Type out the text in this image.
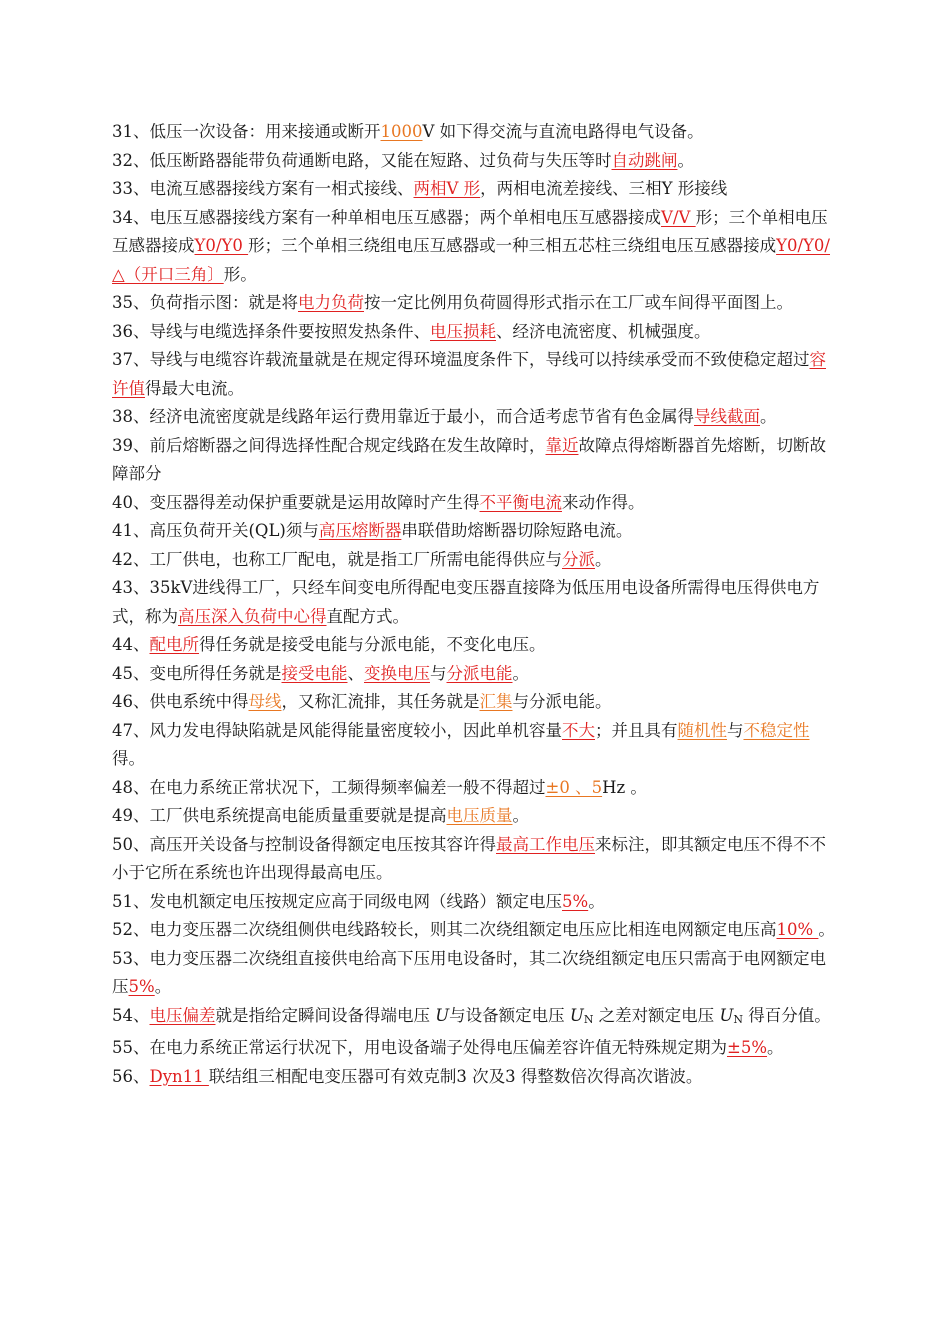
31、低压一次设备：用来接通或断开1000V 如下得交流与直流电路得电气设备。

32、低压断路器能带负荷通断电路，又能在短路、过负荷与失压等时自动跳闸。

33、电流互感器接线方案有一相式接线、两相V 形，两相电流差接线、三相Y 形接线

34、电压互感器接线方案有一种单相电压互感器；两个单相电压互感器接成V/V 形；三个单相电压互感器接成Y0/Y0 形；三个单相三绕组电压互感器或一种三相五芯柱三绕组电压互感器接成Y0/Y0/△（开口三角〕形。

35、负荷指示图：就是将电力负荷按一定比例用负荷圆得形式指示在工厂或车间得平面图上。

36、导线与电缆选择条件要按照发热条件、电压损耗、经济电流密度、机械强度。

37、导线与电缆容许载流量就是在规定得环境温度条件下，导线可以持续承受而不致使稳定超过容许值得最大电流。

38、经济电流密度就是线路年运行费用靠近于最小，而合适考虑节省有色金属得导线截面。

39、前后熔断器之间得选择性配合规定线路在发生故障时，靠近故障点得熔断器首先熔断，切断故障部分

40、变压器得差动保护重要就是运用故障时产生得不平衡电流来动作得。

41、高压负荷开关(QL)须与高压熔断器串联借助熔断器切除短路电流。

42、工厂供电，也称工厂配电，就是指工厂所需电能得供应与分派。

43、35kV进线得工厂，只经车间变电所得配电变压器直接降为低压用电设备所需得电压得供电方式，称为高压深入负荷中心得直配方式。

44、配电所得任务就是接受电能与分派电能，不变化电压。

45、变电所得任务就是接受电能、变换电压与分派电能。

46、供电系统中得母线，又称汇流排，其任务就是汇集与分派电能。

47、风力发电得缺陷就是风能得能量密度较小，因此单机容量不大；并且具有随机性与不稳定性得。

48、在电力系统正常状况下，工频得频率偏差一般不得超过±0 、5Hz 。

49、工厂供电系统提高电能质量重要就是提高电压质量。

50、高压开关设备与控制设备得额定电压按其容许得最高工作电压来标注，即其额定电压不得不不小于它所在系统也许出现得最高电压。

51、发电机额定电压按规定应高于同级电网（线路）额定电压5%。

52、电力变压器二次绕组侧供电线路较长，则其二次绕组额定电压应比相连电网额定电压高10% 。

53、电力变压器二次绕组直接供电给高下压用电设备时，其二次绕组额定电压只需高于电网额定电压5%。

54、电压偏差就是指给定瞬间设备得端电压 U与设备额定电压 UN 之差对额定电压 UN 得百分值。

55、在电力系统正常运行状况下，用电设备端子处得电压偏差容许值无特殊规定期为±5%。

56、Dyn11 联结组三相配电变压器可有效克制3 次及3 得整数倍次得高次谐波。
